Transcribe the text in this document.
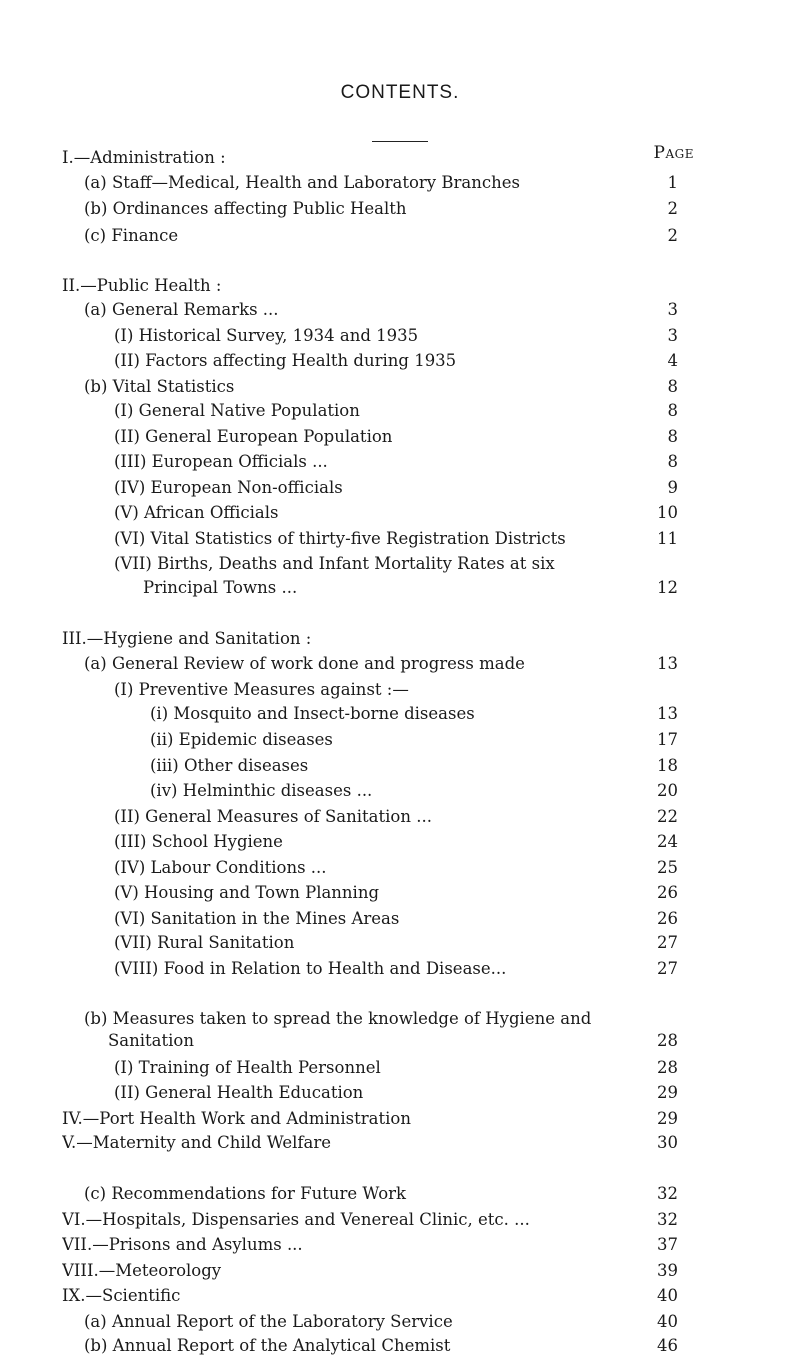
CONTENTS.
Page
I.—Administration :
(a) Staff—Medical, Health and Laboratory Branches	1
(b) Ordinances affecting Public Health	2
(c) Finance	2
II.—Public Health :
(a) General Remarks ...	3
(I) Historical Survey, 1934 and 1935	3
(II) Factors affecting Health during 1935	4
(b) Vital Statistics	8
(I) General Native Population	8
(II) General European Population	8
(III) European Officials ...	8
(IV) European Non-officials	9
(V) African Officials	10
(VI) Vital Statistics of thirty-five Registration Districts	11
(VII) Births, Deaths and Infant Mortality Rates at six
Principal Towns ...	12
III.—Hygiene and Sanitation :
(a) General Review of work done and progress made	13
(I) Preventive Measures against :—
(i) Mosquito and Insect-borne diseases	13
(ii) Epidemic diseases	17
(iii) Other diseases	18
(iv) Helminthic diseases ...	20
(II) General Measures of Sanitation ...	22
(III) School Hygiene	24
(IV) Labour Conditions ...	25
(V) Housing and Town Planning	26
(VI) Sanitation in the Mines Areas	26
(VII) Rural Sanitation	27
(VIII) Food in Relation to Health and Disease...	27
(b) Measures taken to spread the knowledge of Hygiene and
Sanitation	28
(I) Training of Health Personnel	28
(II) General Health Education	29
IV.—Port Health Work and Administration	29
V.—Maternity and Child Welfare	30
(c) Recommendations for Future Work	32
VI.—Hospitals, Dispensaries and Venereal Clinic, etc. ...	32
VII.—Prisons and Asylums ...	37
VIII.—Meteorology	39
IX.—Scientific	40
(a) Annual Report of the Laboratory Service	40
(b) Annual Report of the Analytical Chemist	46
